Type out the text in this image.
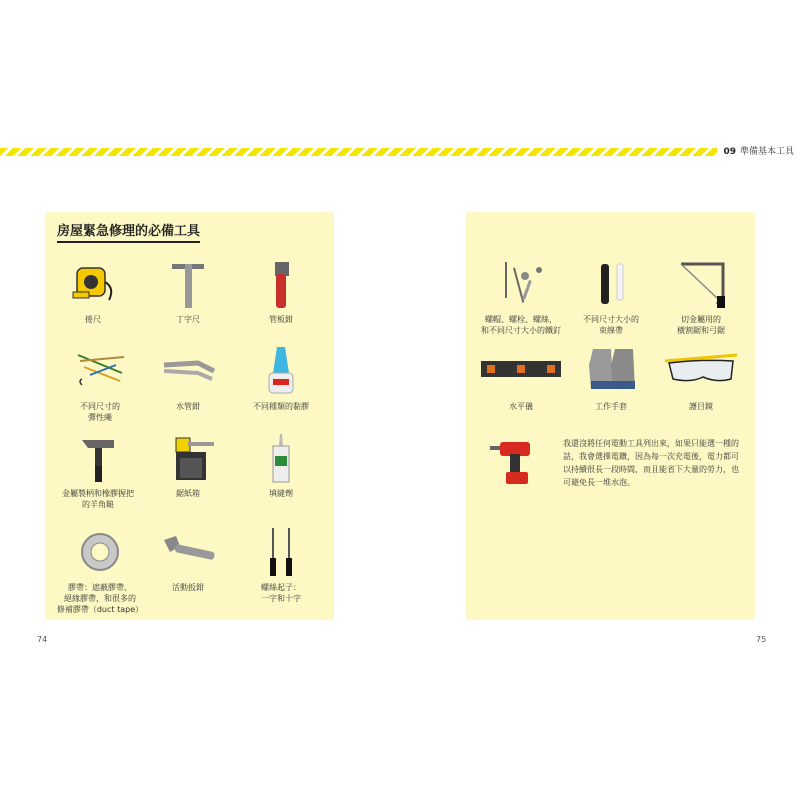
09 準備基本工具
房屋緊急修理的必備工具
捲尺	丁字尺	管板鉗
不同尺寸的
彈性繩
水管鉗	不同種類的黏膠
金屬製柄和橡膠握把
的羊角鎚
鋸紙箱	填縫劑
膠帶：遮蔽膠帶、
絕緣膠帶，和很多的
修補膠帶（duct tape）
活動扳鉗	螺絲起子：
一字和十字
螺帽、螺栓、螺絲，
和不同尺寸大小的鐵釘
不同尺寸大小的
束線帶
切金屬用的
橫割鋸和弓鋸
水平儀	工作手套	護目鏡
我還沒將任何電動工具列出來，如果只能選一種的話，我會選擇電鑽，因為每一次充電後，電力都可以持續很長一段時間，而且能省下大量的勞力，也可避免長一堆水泡。
74	75
